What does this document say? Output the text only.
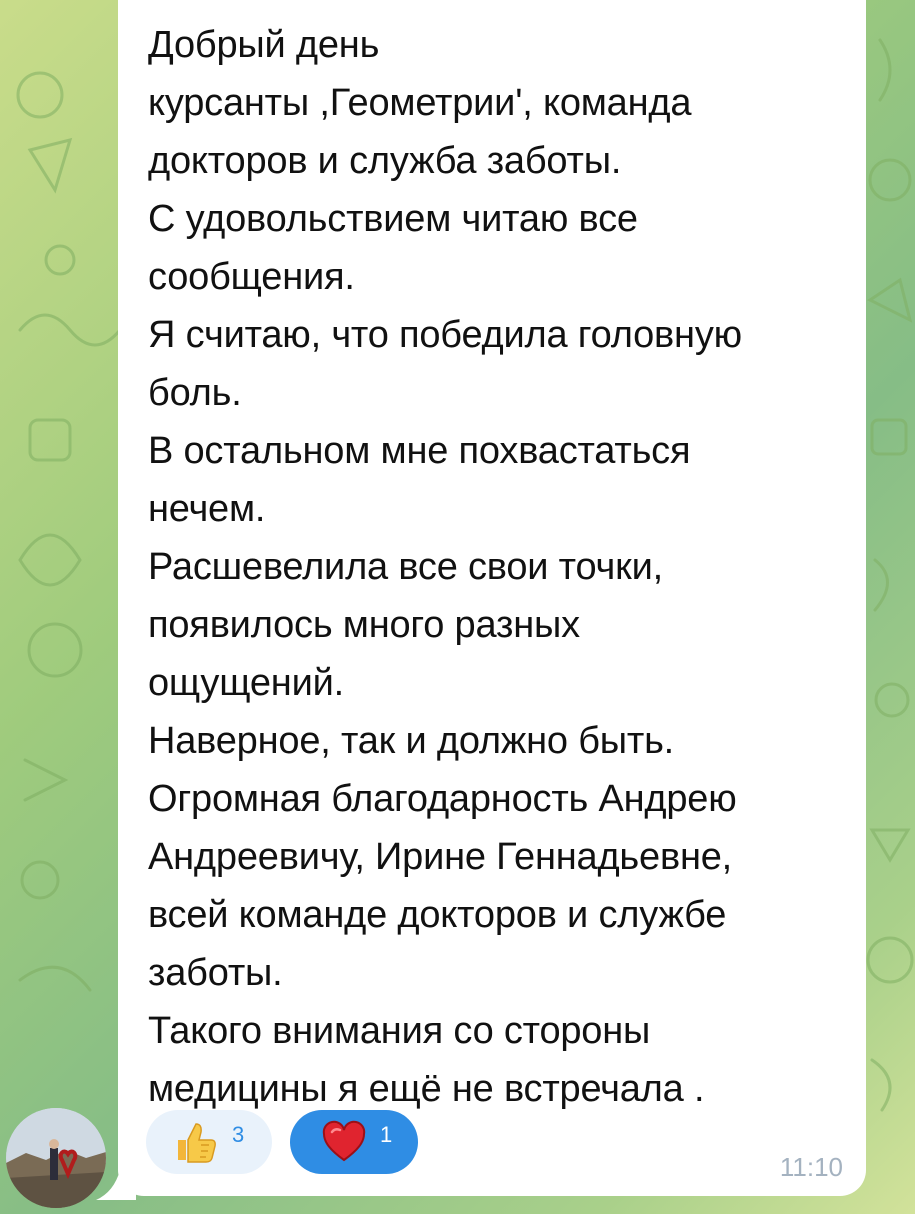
Добрый день
курсанты ,Геометрии', команда
докторов и служба заботы.
С удовольствием читаю все
сообщения.
Я считаю, что победила головную
боль.
В остальном мне похвастаться
нечем.
Расшевелила все свои точки,
появилось много разных
ощущений.
Наверное, так и должно быть.
Огромная благодарность Андрею
Андреевичу, Ирине Геннадьевне,
всей команде докторов и службе
заботы.
Такого внимания со стороны
медицины я ещё не встречала .
3	1
11:10
